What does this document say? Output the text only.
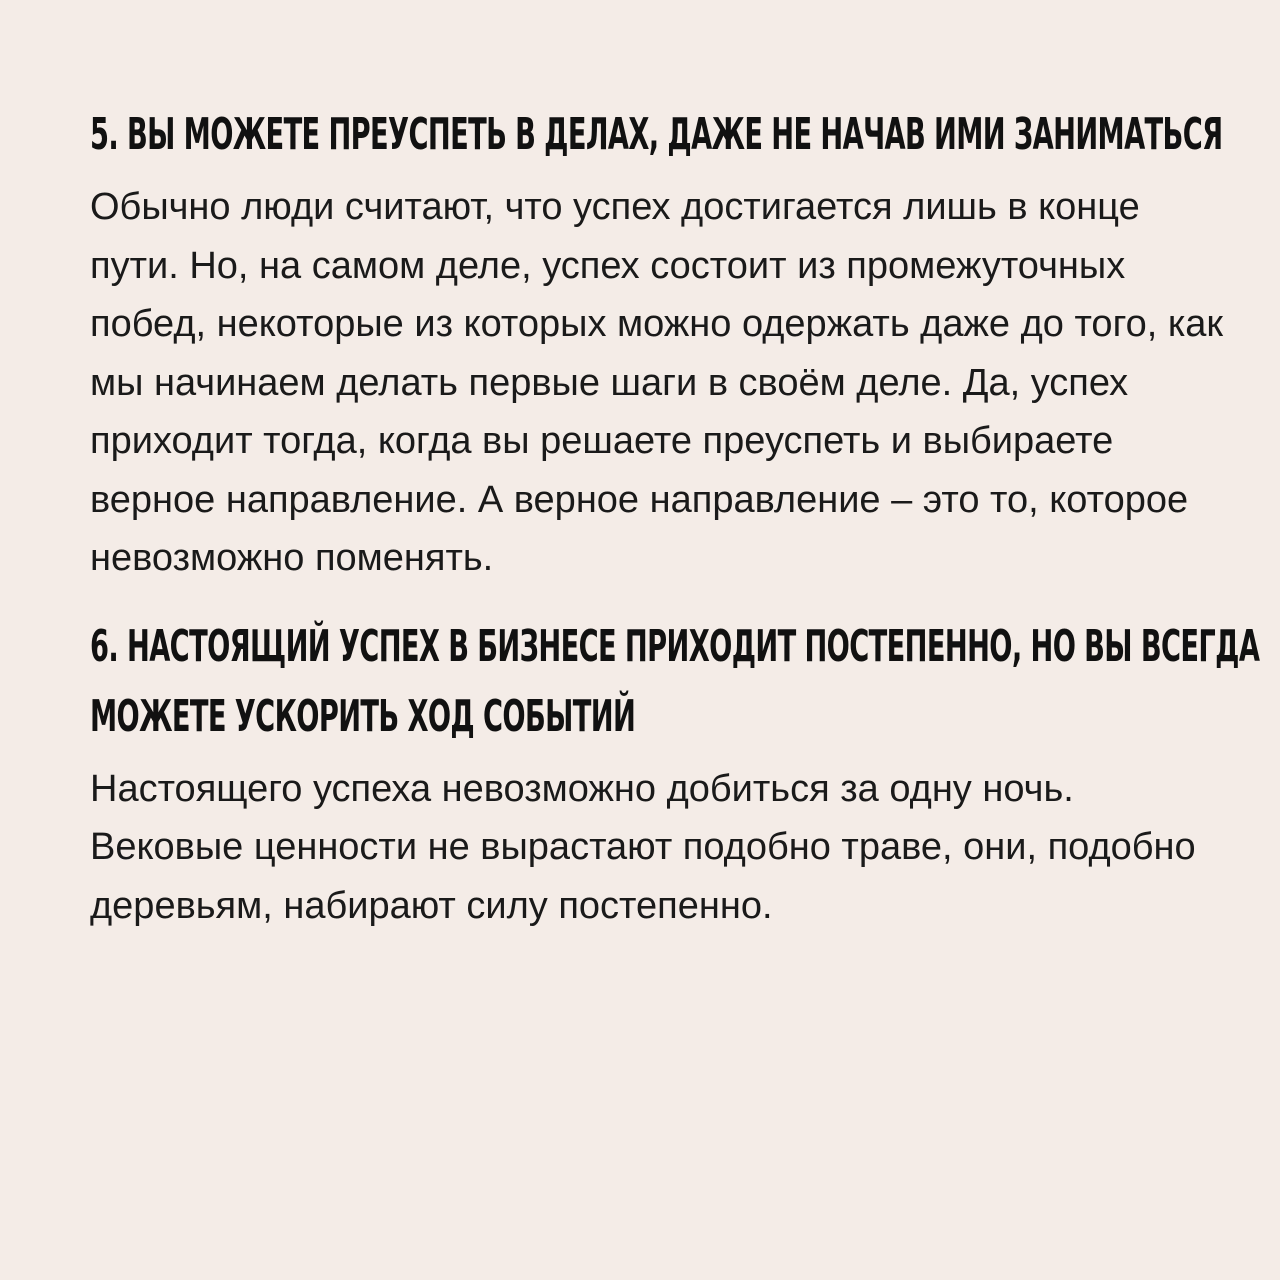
5. ВЫ МОЖЕТЕ ПРЕУСПЕТЬ В ДЕЛАХ, ДАЖЕ НЕ НАЧАВ ИМИ ЗАНИМАТЬСЯ

Обычно люди считают, что успех достигается лишь в конце пути. Но, на самом деле, успех состоит из промежуточных побед, некоторые из которых можно одержать даже до того, как мы начинаем делать первые шаги в своём деле. Да, успех приходит тогда, когда вы решаете преуспеть и выбираете верное направление. А верное направление – это то, которое невозможно поменять.

6. НАСТОЯЩИЙ УСПЕХ В БИЗНЕСЕ ПРИХОДИТ ПОСТЕПЕННО, НО ВЫ ВСЕГДА МОЖЕТЕ УСКОРИТЬ ХОД СОБЫТИЙ

Настоящего успеха невозможно добиться за одну ночь. Вековые ценности не вырастают подобно траве, они, подобно деревьям, набирают силу постепенно.
